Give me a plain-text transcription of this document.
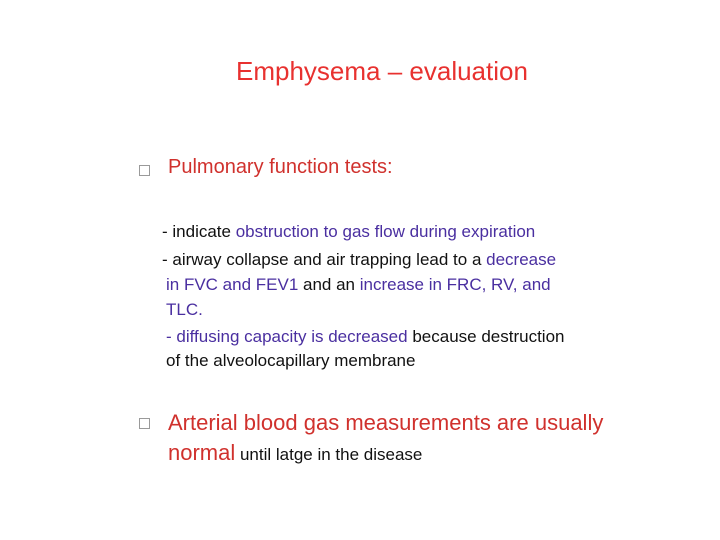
Emphysema – evaluation
Pulmonary function tests:
- indicate obstruction to gas flow during expiration
- airway collapse and air trapping lead to a decrease
in FVC and FEV1 and an increase in FRC, RV, and
TLC.
- diffusing capacity is decreased because destruction
of the alveolocapillary membrane
Arterial blood gas measurements are usually
normal until latge in the disease
